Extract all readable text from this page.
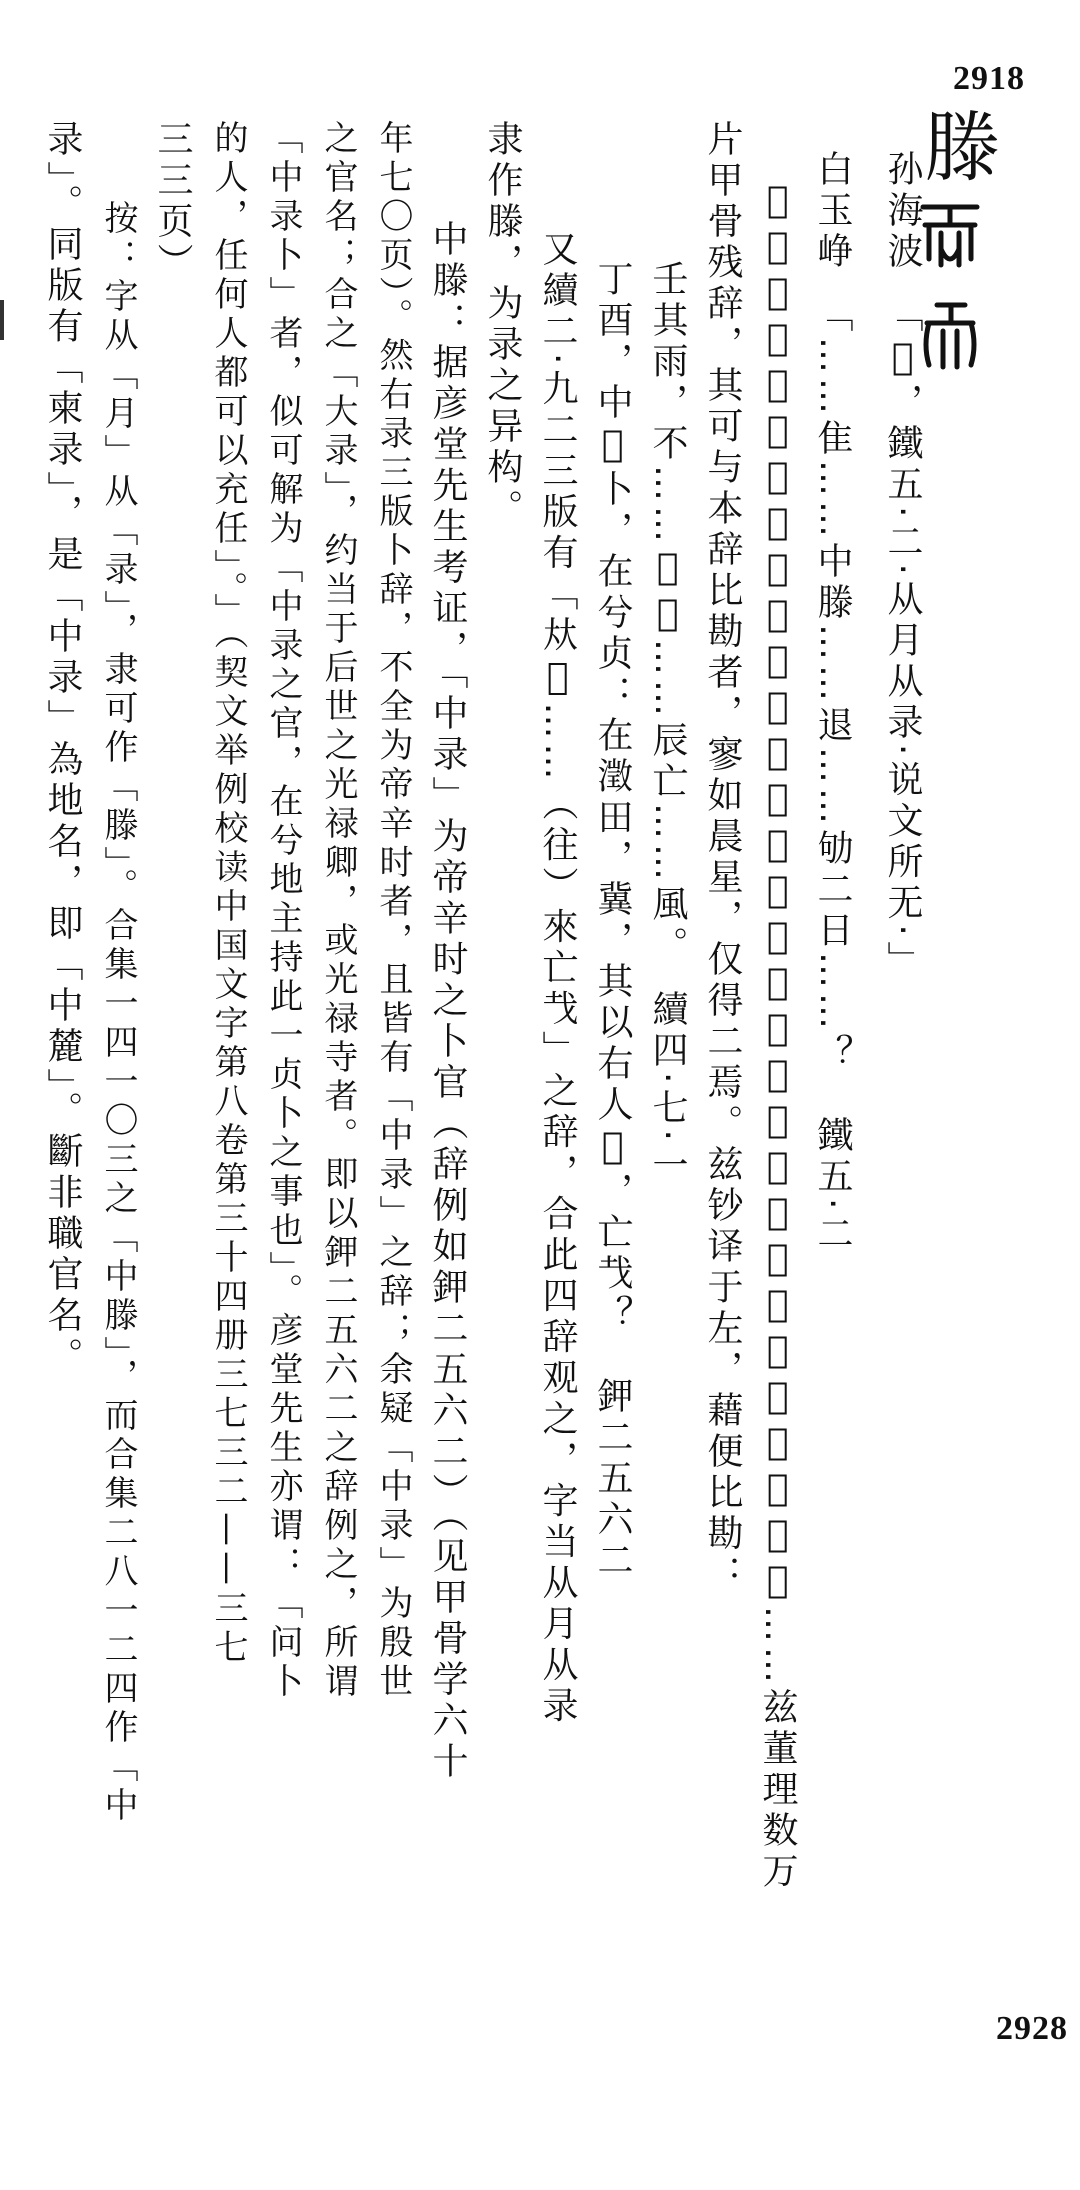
2918
滕
孙海波　「𣊺，鐵五·二·从月从录·说文所无·」
白玉峥　「……隹……中滕……退……劬二日……？　鐵五·二
𣊺：貓厰先生未释。峥按：此字在传世之数万片甲骨片中，只此一见。……兹董理数万
片甲骨残辞，其可与本辞比勘者，寥如晨星，仅得二焉。兹钞译于左，藉便比勘：
壬其雨，不……𣊺允……辰亡……風。　續四·七·一
丁酉，中𣊺卜，在兮贞：在澂田，冀，其以右人𤣟，亡𢦏？　鉀二五六二
又續二·九二三版有「夶𣊺……（往）來亡𢦏」之辞，合此四辞观之，字当从月从录
隶作滕，为录之异构。
中滕：据彦堂先生考证，「中录」为帝辛时之卜官（辞例如鉀二五六二）（见甲骨学六十
年七〇页）。然右录三版卜辞，不全为帝辛时者，且皆有「中录」之辞；余疑「中录」为殷世
之官名；合之「大录」，约当于后世之光禄卿，或光禄寺者。即以鉀二五六二之辞例之，所谓
「中录卜」者，似可解为「中录之官，在兮地主持此一贞卜之事也」。彦堂先生亦谓：「问卜
的人，任何人都可以充任」。」（契文举例校读中国文字第八卷第三十四册三七三二——三七
三三页）
按：字从「月」从「录」，隶可作「滕」。合集一四一〇三之「中滕」，而合集二八一二四作「中
录」。同版有「柬录」，是「中录」為地名，即「中麓」。斷非職官名。
2928
